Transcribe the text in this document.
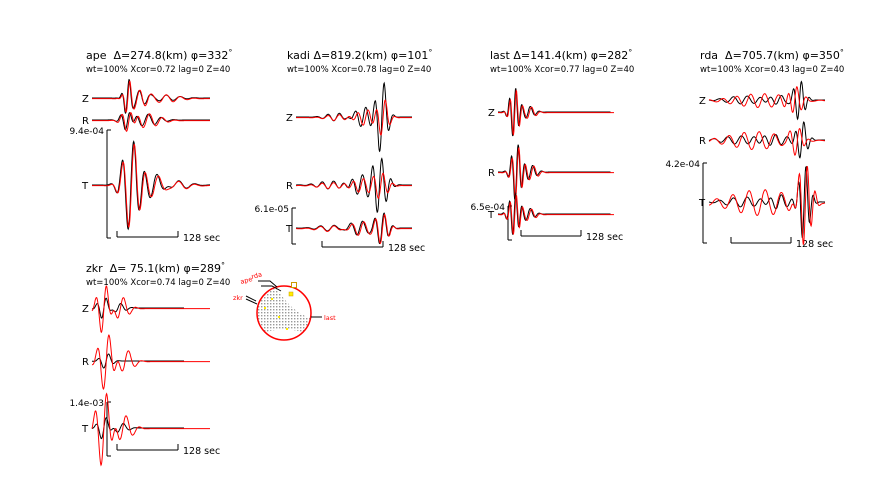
ape  Δ=274.8(km) φ=332°
wt=100% Xcor=0.72 lag=0 Z=40
9.4e-04
128 sec
Z
R
T
kadi Δ=819.2(km) φ=101°
wt=100% Xcor=0.78 lag=0 Z=40
6.1e-05
128 sec
Z
R
T
last Δ=141.4(km) φ=282°
wt=100% Xcor=0.77 lag=0 Z=40
6.5e-04
128 sec
Z
R
T
rda  Δ=705.7(km) φ=350°
wt=100% Xcor=0.43 lag=0 Z=40
4.2e-04
128 sec
Z
R
T
zkr  Δ= 75.1(km) φ=289°
wt=100% Xcor=0.74 lag=0 Z=40
1.4e-03
128 sec
Z
R
T
ape
rda
zkr
last
